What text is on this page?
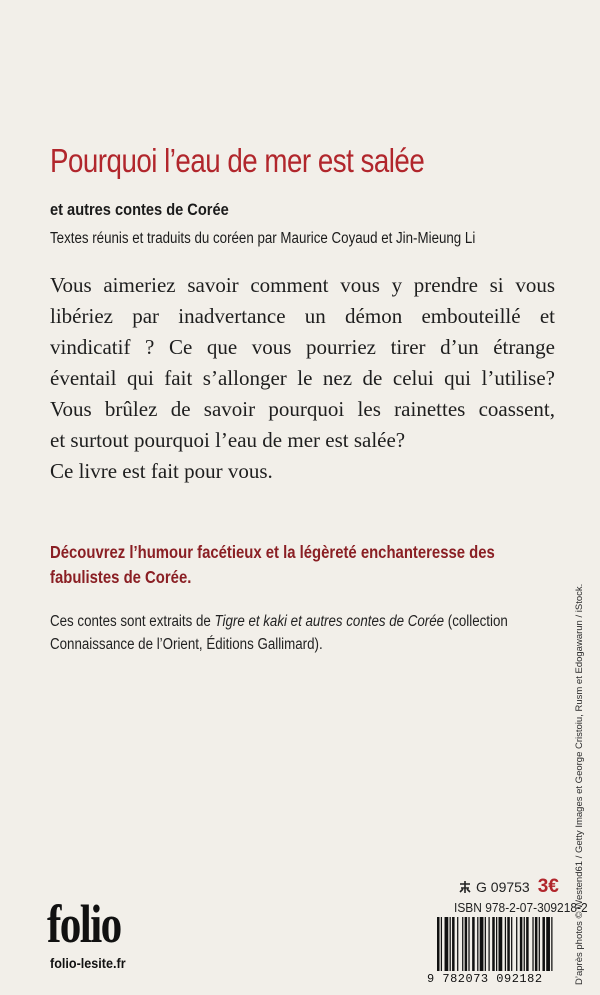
Pourquoi l’eau de mer est salée
et autres contes de Corée
Textes réunis et traduits du coréen par Maurice Coyaud et Jin-Mieung Li
Vous aimeriez savoir comment vous y prendre si vous
libériez par inadvertance un démon embouteillé et
vindicatif ? Ce que vous pourriez tirer d’un étrange
éventail qui fait s’allonger le nez de celui qui l’utilise?
Vous brûlez de savoir pourquoi les rainettes coassent,
et surtout pourquoi l’eau de mer est salée?
Ce livre est fait pour vous.
Découvrez l’humour facétieux et la légèreté enchanteresse des
fabulistes de Corée.
Ces contes sont extraits de Tigre et kaki et autres contes de Corée (collection
Connaissance de l’Orient, Éditions Gallimard).	D’après photos © Westend61 / Getty Images et George Cristoiu, Rusm et Edogawarun / iStock.
folio
folio-lesite.fr
G 09753 3€
ISBN 978-2-07-309218-2
9 782073 092182
